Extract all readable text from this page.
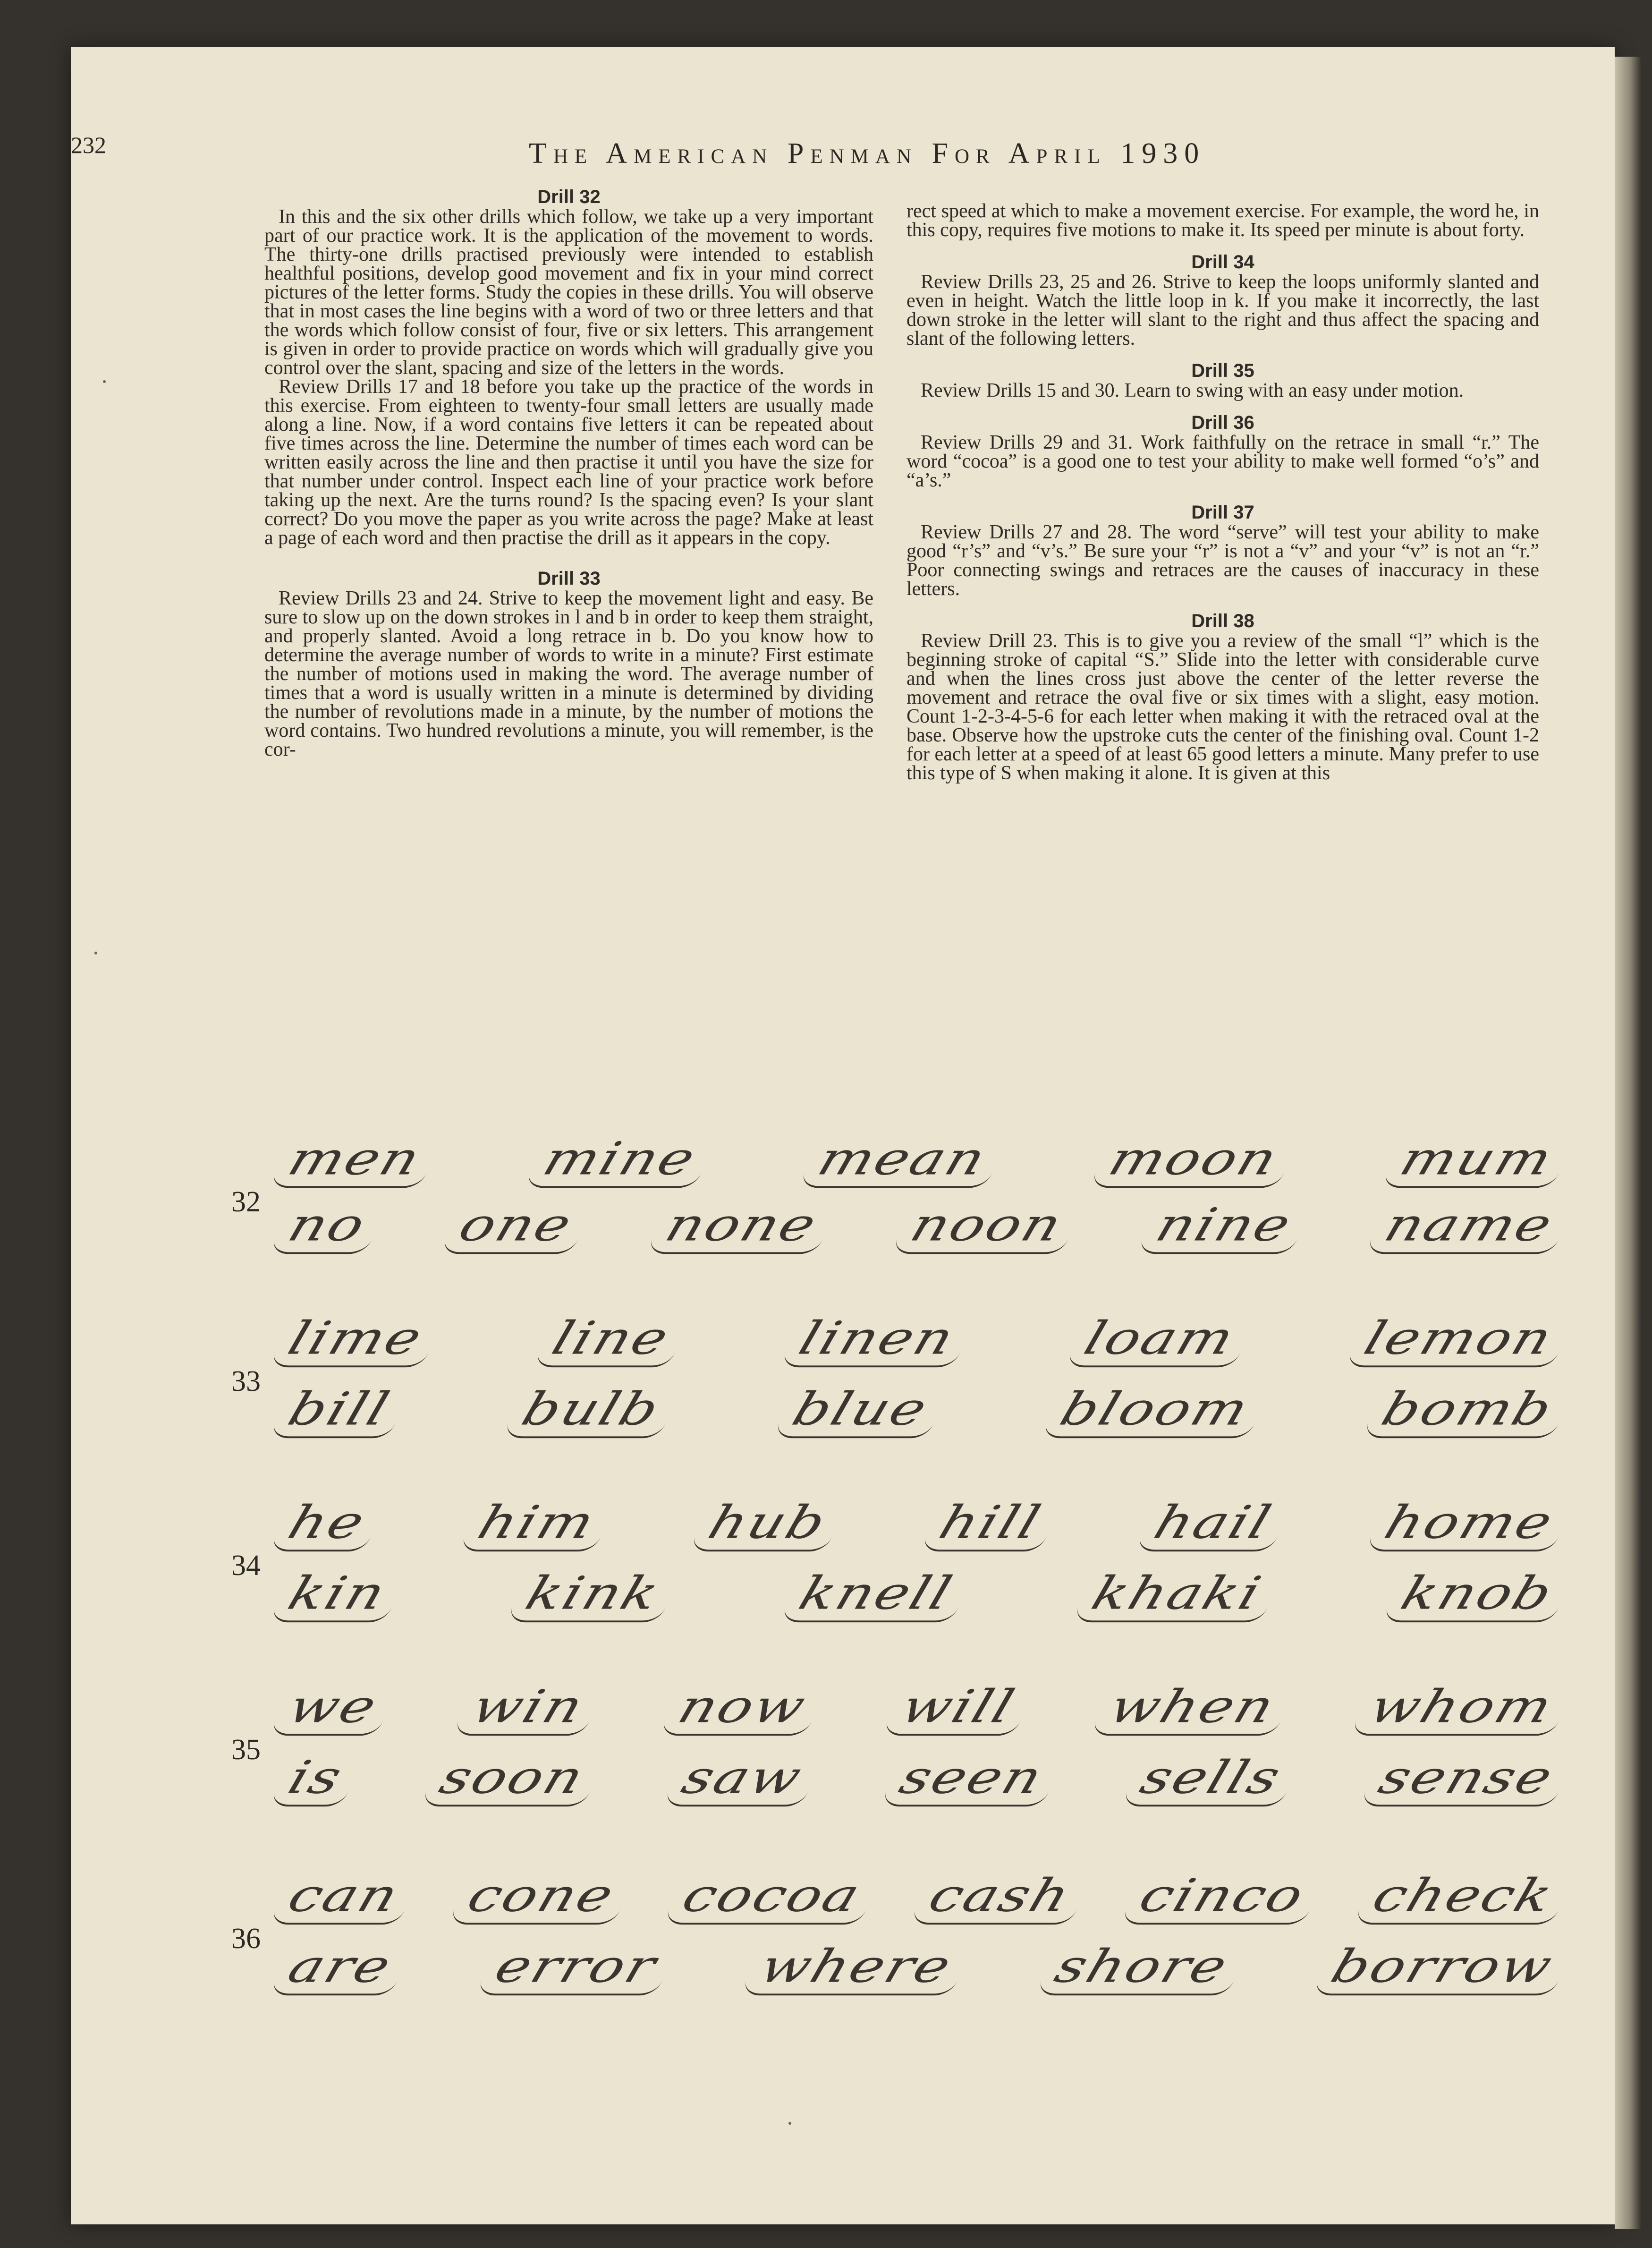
232	The American Penman For April 1930
Drill 32

In this and the six other drills which follow, we take up a very important part of our practice work. It is the application of the movement to words. The thirty-one drills practised previously were intended to establish healthful positions, develop good movement and fix in your mind correct pictures of the letter forms. Study the copies in these drills. You will observe that in most cases the line begins with a word of two or three letters and that the words which follow consist of four, five or six letters. This arrangement is given in order to provide practice on words which will gradually give you control over the slant, spacing and size of the letters in the words.

Review Drills 17 and 18 before you take up the practice of the words in this exercise. From eighteen to twenty-four small letters are usually made along a line. Now, if a word contains five letters it can be repeated about five times across the line. Determine the number of times each word can be written easily across the line and then practise it until you have the size for that number under control. Inspect each line of your practice work before taking up the next. Are the turns round? Is the spacing even? Is your slant correct? Do you move the paper as you write across the page? Make at least a page of each word and then practise the drill as it appears in the copy.

Drill 33

Review Drills 23 and 24. Strive to keep the movement light and easy. Be sure to slow up on the down strokes in l and b in order to keep them straight, and properly slanted. Avoid a long retrace in b. Do you know how to determine the average number of words to write in a minute? First estimate the number of motions used in making the word. The average number of times that a word is usually written in a minute is determined by dividing the number of revolutions made in a minute, by the number of motions the word contains. Two hundred revolutions a minute, you will remember, is the cor-

rect speed at which to make a movement exercise. For example, the word he, in this copy, requires five motions to make it. Its speed per minute is about forty.

Drill 34

Review Drills 23, 25 and 26. Strive to keep the loops uniformly slanted and even in height. Watch the little loop in k. If you make it incorrectly, the last down stroke in the letter will slant to the right and thus affect the spacing and slant of the following letters.

Drill 35

Review Drills 15 and 30. Learn to swing with an easy under motion.

Drill 36

Review Drills 29 and 31. Work faithfully on the retrace in small “r.” The word “cocoa” is a good one to test your ability to make well formed “o’s” and “a’s.”

Drill 37

Review Drills 27 and 28. The word “serve” will test your ability to make good “r’s” and “v’s.” Be sure your “r” is not a “v” and your “v” is not an “r.” Poor connecting swings and retraces are the causes of inaccuracy in these letters.

Drill 38

Review Drill 23. This is to give you a review of the small “l” which is the beginning stroke of capital “S.” Slide into the letter with considerable curve and when the lines cross just above the center of the letter reverse the movement and retrace the oval five or six times with a slight, easy motion. Count 1-2-3-4-5-6 for each letter when making it with the retraced oval at the base. Observe how the upstroke cuts the center of the finishing oval. Count 1-2 for each letter at a speed of at least 65 good letters a minute. Many prefer to use this type of S when making it alone. It is given at this

32
men mine mean moon mum
no one none noon nine name
33
lime line linen loam lemon
bill bulb blue bloom bomb
34
he him hub hill hail home
kin kink knell khaki knob
35
we win now will when whom
is soon saw seen sells sense
36
can cone cocoa cash cinco check
are error where shore borrow
